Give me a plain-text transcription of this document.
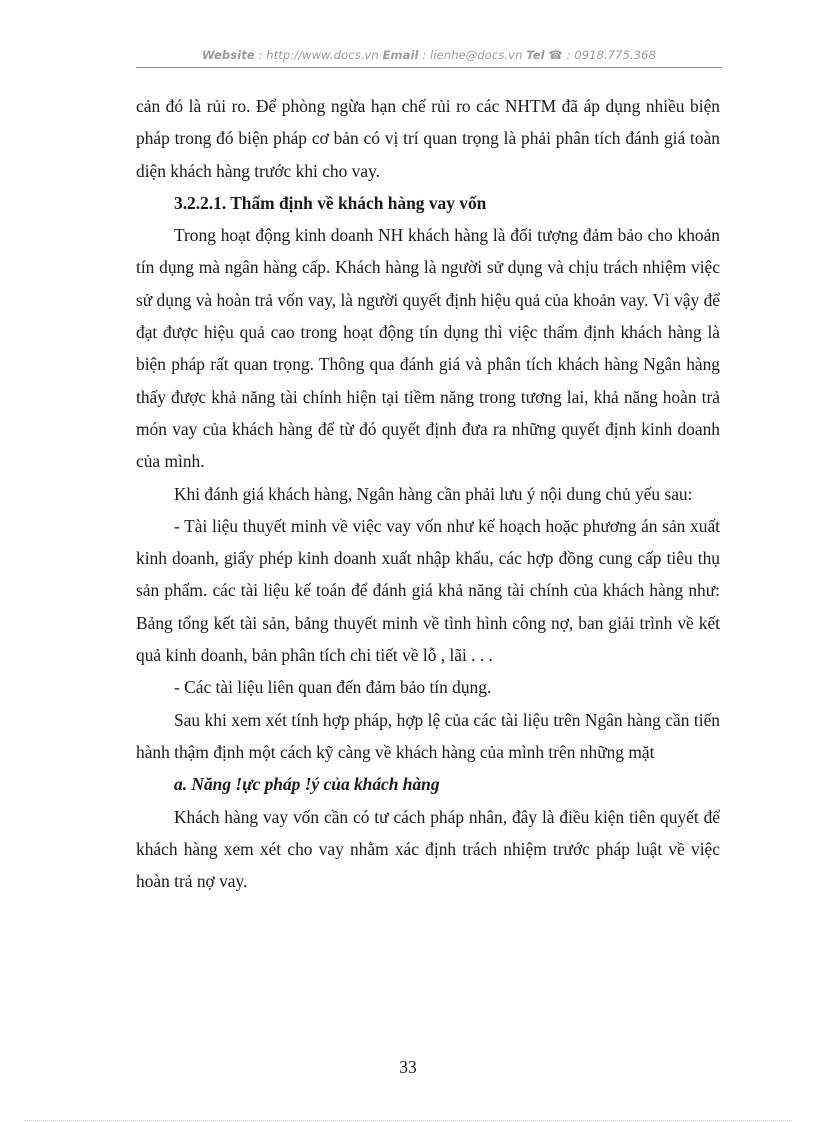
Website : http://www.docs.vn Email : lienhe@docs.vn Tel ☎ : 0918.775.368

cản đó là rủi ro. Để phòng ngừa hạn chế rủi ro các NHTM đã áp dụng nhiều biện pháp trong đó biện pháp cơ bản có vị trí quan trọng là phải phân tích đánh giá toàn diện khách hàng trước khi cho vay.

3.2.2.1. Thẩm định về khách hàng vay vốn

Trong hoạt động kinh doanh NH khách hàng là đối tượng đảm bảo cho khoản tín dụng mà ngân hàng cấp. Khách hàng là người sử dụng và chịu trách nhiệm việc sử dụng và hoàn trả vốn vay, là người quyết định hiệu quả của khoản vay. Vì vậy để đạt được hiệu quả cao trong hoạt động tín dụng thì việc thẩm định khách hàng là biện pháp rất quan trọng. Thông qua đánh giá và phân tích khách hàng Ngân hàng thấy được khả năng tài chính hiện tại tiềm năng trong tương lai, khả năng hoàn trả món vay của khách hàng để từ đó quyết định đưa ra những quyết định kinh doanh của mình.

Khi đánh giá khách hàng, Ngân hàng cần phải lưu ý nội dung chủ yếu sau:

- Tài liệu thuyết minh về việc vay vốn như kế hoạch hoặc phương án sản xuất kinh doanh, giấy phép kinh doanh xuất nhập khẩu, các hợp đồng cung cấp tiêu thụ sản phẩm. các tài liệu kế toán để đánh giá khả năng tài chính của khách hàng như: Bảng tổng kết tài sản, bảng thuyết minh về tình hình công nợ, ban giải trình về kết quả kinh doanh, bản phân tích chi tiết về lỗ , lãi . . .

- Các tài liệu liên quan đến đảm bảo tín dụng.

Sau khi xem xét tính hợp pháp, hợp lệ của các tài liệu trên Ngân hàng cần tiến hành thậm định một cách kỹ càng về khách hàng của mình trên những mặt

a. Năng !ực pháp !ý của khách hàng

Khách hàng vay vốn cần có tư cách pháp nhân, đây là điều kiện tiên quyết để khách hàng xem xét cho vay nhằm xác định trách nhiệm trước pháp luật về việc hoàn trả nợ vay.

33
